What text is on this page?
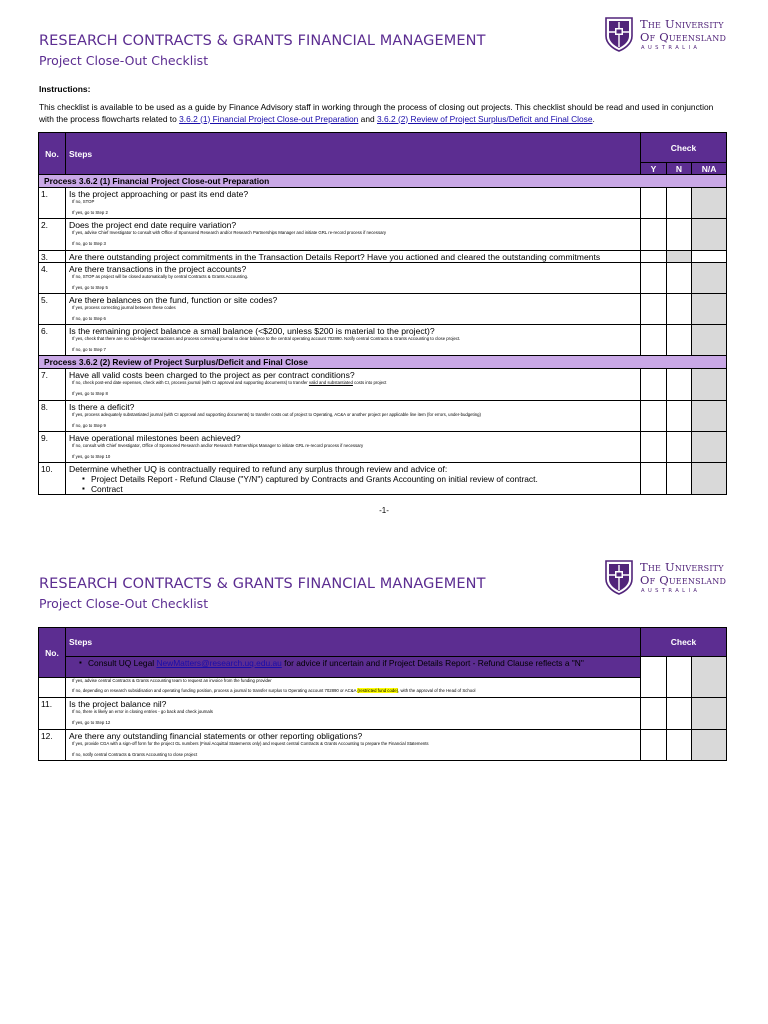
RESEARCH CONTRACTS & GRANTS FINANCIAL MANAGEMENT
Project Close-Out Checklist
The University
Of Queensland
AUSTRALIA
Instructions:
This checklist is available to be used as a guide by Finance Advisory staff in working through the process of closing out projects. This checklist should be read and used in conjunction with the process flowcharts related to 3.6.2 (1) Financial Project Close-out Preparation and 3.6.2 (2) Review of Project Surplus/Deficit and Final Close.
No.	Steps	Check		
		Y	N	N/A
Process 3.6.2 (1) Financial Project Close-out Preparation				
1.	Is the project approaching or past its end date?
If no, STOP
If yes, go to Step 2			

2.	Does the project end date require variation?
If yes, advise Chief Investigator to consult with Office of Sponsored Research and/or Research Partnerships Manager and initiate GRL re-record process if necessary
If no, go to Step 3			

3.	Are there outstanding project commitments in the Transaction Details Report? Have you actioned and cleared the outstanding commitments			

4.	Are there transactions in the project accounts?
If no, STOP as project will be closed automatically by central Contracts & Grants Accounting.
If yes, go to Step 5			

5.	Are there balances on the fund, function or site codes?
If yes, process correcting journal between these codes
If no, go to Step 6			

6.	Is the remaining project balance a small balance (<$200, unless $200 is material to the project)?
If yes, check that there are no sub-ledger transactions and process correcting journal to clear balance to the central operating account 702890. Notify central Contracts & Grants Accounting to close project.
If no, go to Step 7			

Process 3.6.2 (2) Review of Project Surplus/Deficit and Final Close				
7.	Have all valid costs been charged to the project as per contract conditions?
If no, check post-end date expenses, check with CI, process journal (with CI approval and supporting documents) to transfer valid and substantiated costs into project
If yes, go to Step 8			

8.	Is there a deficit?
If yes, process adequately substantiated journal (with CI approval and supporting documents) to transfer costs out of project to Operating, AC&A or another project per applicable line item (for errors, under-budgeting)
If no, go to Step 9			

9.	Have operational milestones been achieved?
If no, consult with Chief Investigator, Office of Sponsored Research and/or Research Partnerships Manager to initiate GRL re-record process if necessary
If yes, go to Step 10			

10.	Determine whether UQ is contractually required to refund any surplus through review and advice of:
▪ Project Details Report - Refund Clause ("Y/N") captured by Contracts and Grants Accounting on initial review of contract.
▪ Contract

-1-
RESEARCH CONTRACTS & GRANTS FINANCIAL MANAGEMENT
Project Close-Out Checklist
The University
Of Queensland
AUSTRALIA
No.	Steps	Check		

	▪ Consult UQ Legal NewMatters@research.uq.edu.au for advice if uncertain and if Project Details Report - Refund Clause reflects a "N"

	If yes, advise central Contracts & Grants Accounting team to request an invoice from the funding provider
If no, depending on research subsidisation and operating funding position, process a journal to transfer surplus to Operating account 702890 or AC&A (restricted fund code), with the approval of the Head of School			

11.	Is the project balance nil?
If no, there is likely an error in closing entries - go back and check journals
If yes, go to Step 12			

12.	Are there any outstanding financial statements or other reporting obligations?
If yes, provide CGA with a sign-off form for the project GL numbers (Final Acquittal Statements only) and request central Contracts & Grants Accounting to prepare the Financial Statements
If no, notify central Contracts & Grants Accounting to close project			
